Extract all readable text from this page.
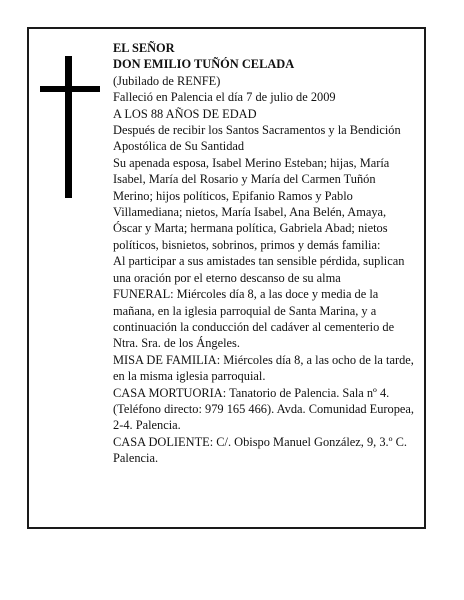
EL SEÑOR

DON EMILIO TUÑÓN CELADA

(Jubilado de RENFE)

Falleció en Palencia el día 7 de julio de 2009

A LOS 88 AÑOS DE EDAD

Después de recibir los Santos Sacramentos y la Bendición Apostólica de Su Santidad

Su apenada esposa, Isabel Merino Esteban; hijas, María Isabel, María del Rosario y María del Carmen Tuñón Merino; hijos políticos, Epifanio Ramos y Pablo Villamediana; nietos, María Isabel, Ana Belén, Amaya, Óscar y Marta; hermana política, Gabriela Abad; nietos políticos, bisnietos, sobrinos, primos y demás familia:

Al participar a sus amistades tan sensible pérdida, suplican una oración por el eterno descanso de su alma

FUNERAL: Miércoles día 8, a las doce y media de la mañana, en la iglesia parroquial de Santa Marina, y a continuación la conducción del cadáver al cementerio de Ntra. Sra. de los Ángeles.

MISA DE FAMILIA: Miércoles día 8, a las ocho de la tarde, en la misma iglesia parroquial.

CASA MORTUORIA: Tanatorio de Palencia. Sala nº 4. (Teléfono directo: 979 165 466). Avda. Comunidad Europea, 2-4. Palencia.

CASA DOLIENTE: C/. Obispo Manuel González, 9, 3.º C. Palencia.
